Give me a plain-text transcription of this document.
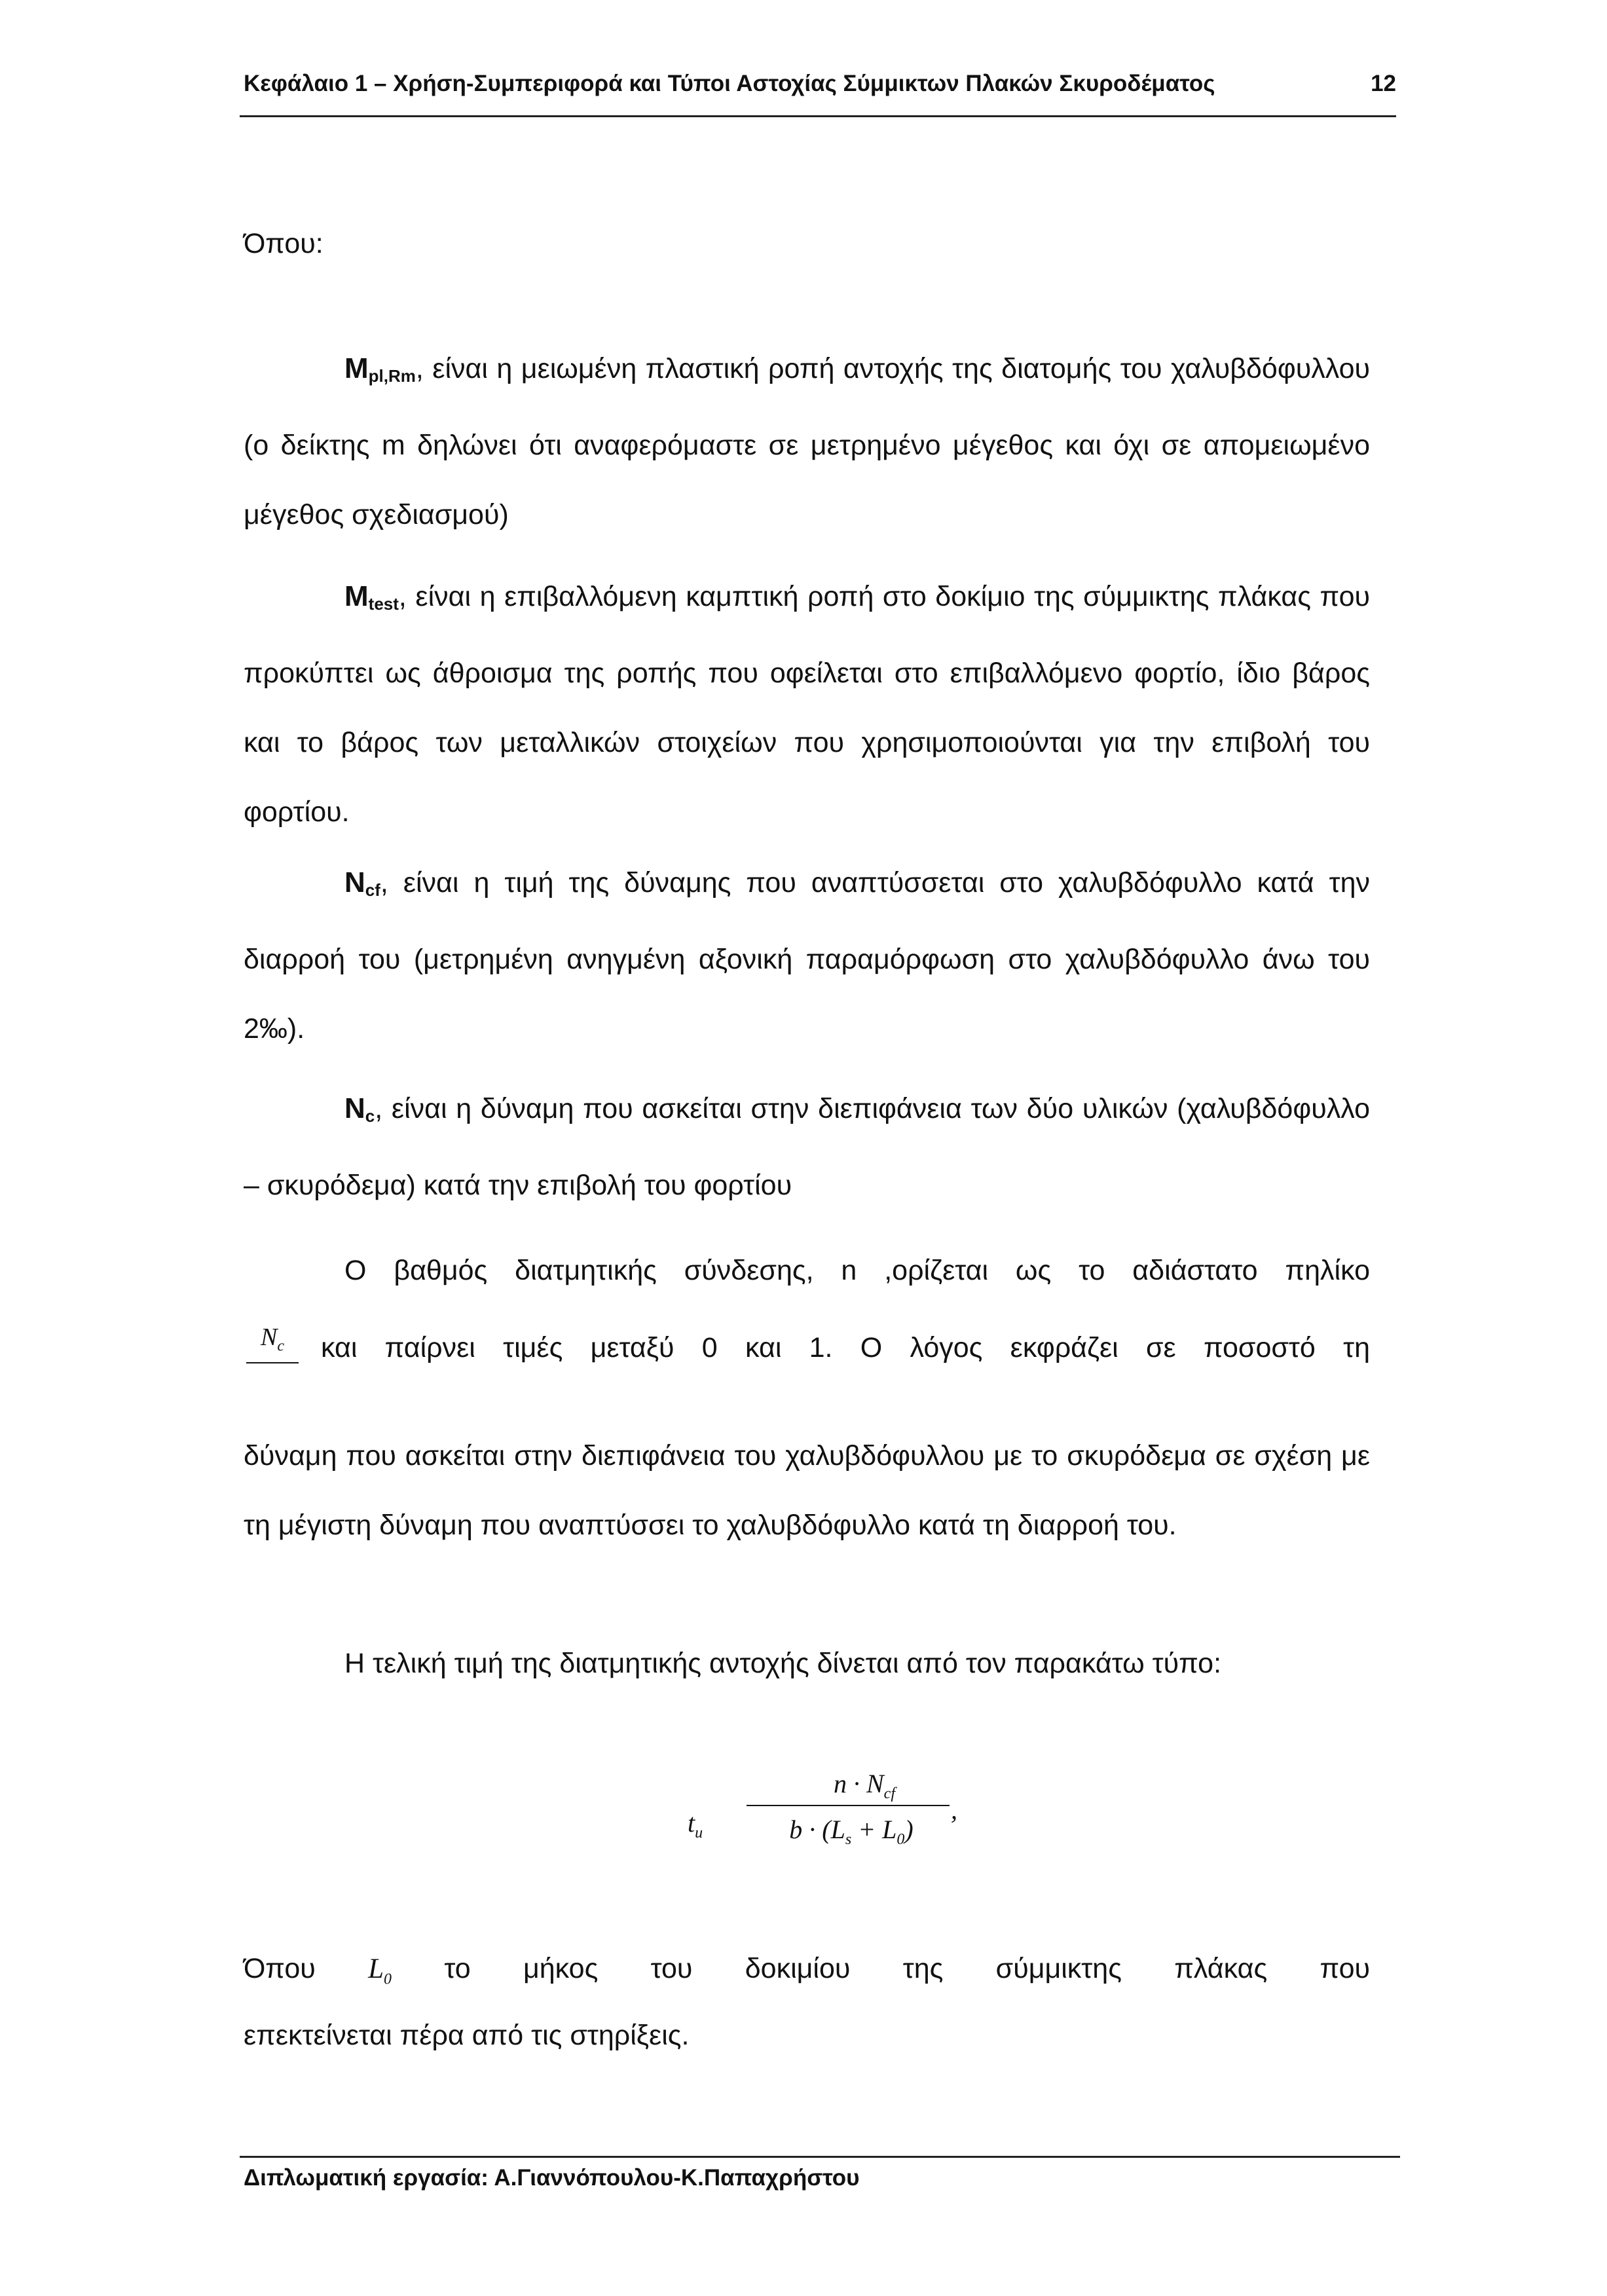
Κεφάλαιο 1 – Χρήση-Συμπεριφορά και Τύποι Αστοχίας Σύμμικτων Πλακών Σκυροδέματος	12
Όπου:

$M_{pl,Rm}$, είναι η μειωμένη πλαστική ροπή αντοχής της διατομής του χαλυβδόφυλλου (ο δείκτης m δηλώνει ότι αναφερόμαστε σε μετρημένο μέγεθος και όχι σε απομειωμένο μέγεθος σχεδιασμού)

$M_{test}$, είναι η επιβαλλόμενη καμπτική ροπή στο δοκίμιο της σύμμικτης πλάκας που προκύπτει ως άθροισμα της ροπής που οφείλεται στο επιβαλλόμενο φορτίο, ίδιο βάρος και το βάρος των μεταλλικών στοιχείων που χρησιμοποιούνται για την επιβολή του φορτίου.

$N_{cf}$, είναι η τιμή της δύναμης που αναπτύσσεται στο χαλυβδόφυλλο κατά την διαρροή του (μετρημένη ανηγμένη αξονική παραμόρφωση στο χαλυβδόφυλλο άνω του 2‰).

$N_c$, είναι η δύναμη που ασκείται στην διεπιφάνεια των δύο υλικών (χαλυβδόφυλλο – σκυρόδεμα) κατά την επιβολή του φορτίου

Ο βαθμός διατμητικής σύνδεσης, n ,ορίζεται ως το αδιάστατο πηλίκο
$N_c$	και παίρνει τιμές μεταξύ 0 και 1. Ο λόγος εκφράζει σε ποσοστό τη

δύναμη που ασκείται στην διεπιφάνεια του χαλυβδόφυλλου με το σκυρόδεμα σε σχέση με τη μέγιστη δύναμη που αναπτύσσει το χαλυβδόφυλλο κατά τη διαρροή του.

Η τελική τιμή της διατμητικής αντοχής δίνεται από τον παρακάτω τύπο:
$t_u$
$n \cdot N_{cf}$
$b \cdot (L_s + L_0)$
,
Όπου $L_0$ το μήκος του δοκιμίου της σύμμικτης πλάκας που
επεκτείνεται πέρα από τις στηρίξεις.
Διπλωματική εργασία: Α.Γιαννόπουλου-Κ.Παπαχρήστου
